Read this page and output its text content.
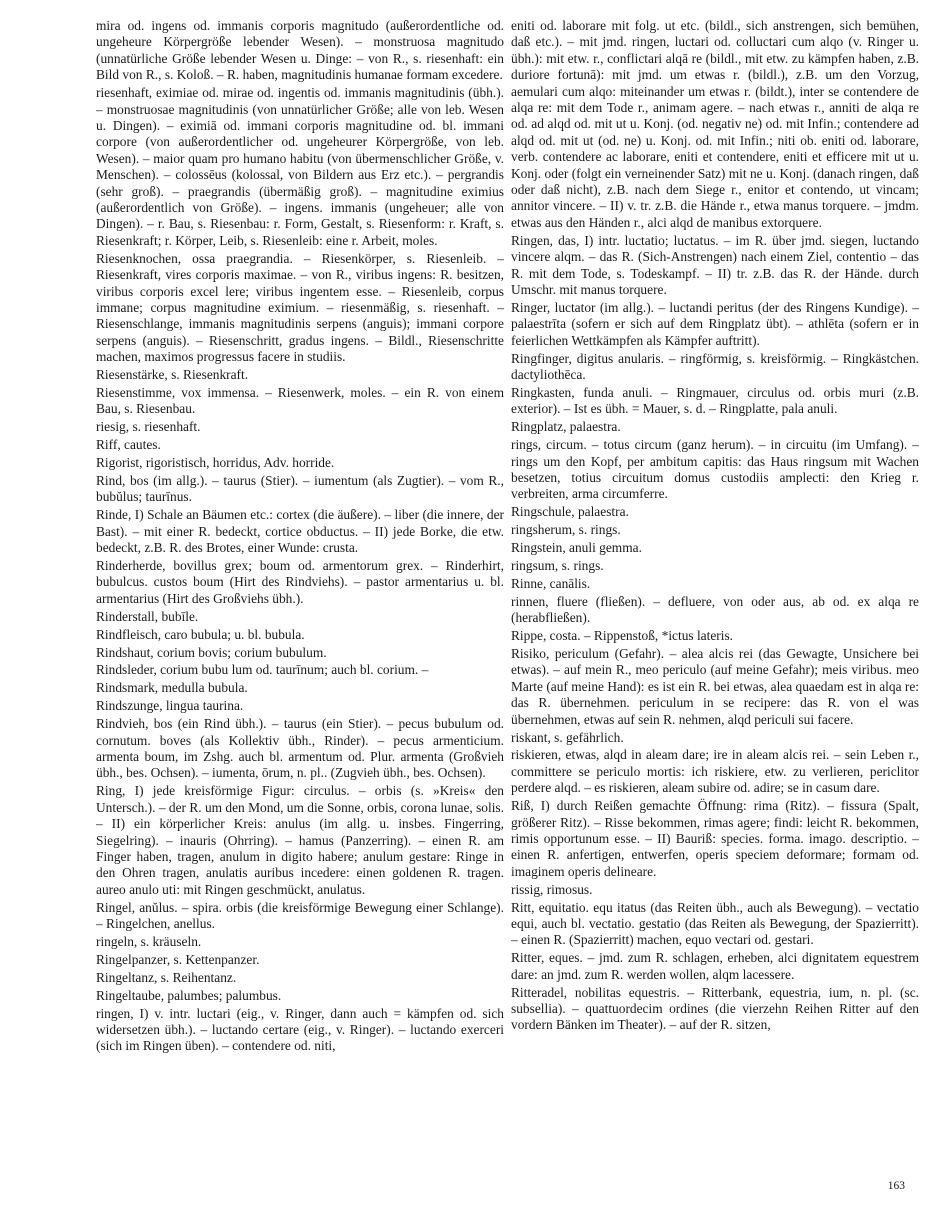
mira od. ingens od. immanis corporis magnitudo (außerordentliche od. ungeheure Körpergröße lebender Wesen). – monstruosa magnitudo (unnatürliche Größe lebender Wesen u. Dinge: – von R., s. riesenhaft: ein Bild von R., s. Koloß. – R. haben, magnitudinis humanae formam excedere.

riesenhaft, eximiae od. mirae od. ingentis od. immanis magnitudinis (übh.). – monstruosae magnitudinis (von unnatürlicher Größe; alle von leb. Wesen u. Dingen). – eximiā od. immani corporis magnitudine od. bl. immani corpore (von außerordentlicher od. ungeheurer Körpergröße, von leb. Wesen). – maior quam pro humano habitu (von übermenschlicher Größe, v. Menschen). – colossēus (kolossal, von Bildern aus Erz etc.). – pergrandis (sehr groß). – praegrandis (übermäßig groß). – magnitudine eximius (außerordentlich von Größe). – ingens. immanis (ungeheuer; alle von Dingen). – r. Bau, s. Riesenbau: r. Form, Gestalt, s. Riesenform: r. Kraft, s. Riesenkraft; r. Körper, Leib, s. Riesenleib: eine r. Arbeit, moles.

Riesenknochen, ossa praegrandia. – Riesenkörper, s. Riesenleib. – Riesenkraft, vires corporis maximae. – von R., viribus ingens: R. besitzen, viribus corporis excel lere; viribus ingentem esse. – Riesenleib, corpus immane; corpus magnitudine eximium. – riesenmäßig, s. riesenhaft. – Riesenschlange, immanis magnitudinis serpens (anguis); immani corpore serpens (anguis). – Riesenschritt, gradus ingens. – Bildl., Riesenschritte machen, maximos progressus facere in studiis.

Riesenstärke, s. Riesenkraft.

Riesenstimme, vox immensa. – Riesenwerk, moles. – ein R. von einem Bau, s. Riesenbau.

riesig, s. riesenhaft.

Riff, cautes.

Rigorist, rigoristisch, horridus, Adv. horride.

Rind, bos (im allg.). – taurus (Stier). – iumentum (als Zugtier). – vom R., bubŭlus; taurīnus.

Rinde, I) Schale an Bäumen etc.: cortex (die äußere). – liber (die innere, der Bast). – mit einer R. bedeckt, cortice obductus. – II) jede Borke, die etw. bedeckt, z.B. R. des Brotes, einer Wunde: crusta.

Rinderherde, bovillus grex; boum od. armentorum grex. – Rinderhirt, bubulcus. custos boum (Hirt des Rindviehs). – pastor armentarius u. bl. armentarius (Hirt des Großviehs übh.).

Rinderstall, bubīle.

Rindfleisch, caro bubula; u. bl. bubula.

Rindshaut, corium bovis; corium bubulum.

Rindsleder, corium bubu lum od. taurīnum; auch bl. corium. –

Rindsmark, medulla bubula.

Rindszunge, lingua taurina.

Rindvieh, bos (ein Rind übh.). – taurus (ein Stier). – pecus bubulum od. cornutum. boves (als Kollektiv übh., Rinder). – pecus armenticium. armenta boum, im Zshg. auch bl. armentum od. Plur. armenta (Großvieh übh., bes. Ochsen). – iumenta, ōrum, n. pl.. (Zugvieh übh., bes. Ochsen).

Ring, I) jede kreisförmige Figur: circulus. – orbis (s. »Kreis« den Untersch.). – der R. um den Mond, um die Sonne, orbis, corona lunae, solis. – II) ein körperlicher Kreis: anulus (im allg. u. insbes. Fingerring, Siegelring). – inauris (Ohrring). – hamus (Panzerring). – einen R. am Finger haben, tragen, anulum in digito habere; anulum gestare: Ringe in den Ohren tragen, anulatis auribus incedere: einen goldenen R. tragen. aureo anulo uti: mit Ringen geschmückt, anulatus.

Ringel, anŭlus. – spira. orbis (die kreisförmige Bewegung einer Schlange). – Ringelchen, anellus.

ringeln, s. kräuseln.

Ringelpanzer, s. Kettenpanzer.

Ringeltanz, s. Reihentanz.

Ringeltaube, palumbes; palumbus.

ringen, I) v. intr. luctari (eig., v. Ringer, dann auch = kämpfen od. sich widersetzen übh.). – luctando certare (eig., v. Ringer). – luctando exerceri (sich im Ringen üben). – contendere od. niti,

eniti od. laborare mit folg. ut etc. (bildl., sich anstrengen, sich bemühen, daß etc.). – mit jmd. ringen, luctari od. colluctari cum alqo (v. Ringer u. übh.): mit etw. r., conflictari alqā re (bildl., mit etw. zu kämpfen haben, z.B. duriore fortunā): mit jmd. um etwas r. (bildl.), z.B. um den Vorzug, aemulari cum alqo: miteinander um etwas r. (bildt.), inter se contendere de alqa re: mit dem Tode r., animam agere. – nach etwas r., anniti de alqa re od. ad alqd od. mit ut u. Konj. (od. negativ ne) od. mit Infin.; contendere ad alqd od. mit ut (od. ne) u. Konj. od. mit Infin.; niti ob. eniti od. laborare, verb. contendere ac laborare, eniti et contendere, eniti et efficere mit ut u. Konj. oder (folgt ein verneinender Satz) mit ne u. Konj. (danach ringen, daß oder daß nicht), z.B. nach dem Siege r., enitor et contendo, ut vincam; annitor vincere. – II) v. tr. z.B. die Hände r., etwa manus torquere. – jmdm. etwas aus den Händen r., alci alqd de manibus extorquere.

Ringen, das, I) intr. luctatio; luctatus. – im R. über jmd. siegen, luctando vincere alqm. – das R. (Sich-Anstrengen) nach einem Ziel, contentio – das R. mit dem Tode, s. Todeskampf. – II) tr. z.B. das R. der Hände. durch Umschr. mit manus torquere.

Ringer, luctator (im allg.). – luctandi peritus (der des Ringens Kundige). – palaestrīta (sofern er sich auf dem Ringplatz übt). – athlēta (sofern er in feierlichen Wettkämpfen als Kämpfer auftritt).

Ringfinger, digitus anularis. – ringförmig, s. kreisförmig. – Ringkästchen. dactyliothēca.

Ringkasten, funda anuli. – Ringmauer, circulus od. orbis muri (z.B. exterior). – Ist es übh. = Mauer, s. d. – Ringplatte, pala anuli.

Ringplatz, palaestra.

rings, circum. – totus circum (ganz herum). – in circuitu (im Umfang). – rings um den Kopf, per ambitum capitis: das Haus ringsum mit Wachen besetzen, totius circuitum domus custodiis amplecti: den Krieg r. verbreiten, arma circumferre.

Ringschule, palaestra.

ringsherum, s. rings.

Ringstein, anuli gemma.

ringsum, s. rings.

Rinne, canālis.

rinnen, fluere (fließen). – defluere, von oder aus, ab od. ex alqa re (herabfließen).

Rippe, costa. – Rippenstoß, *ictus lateris.

Risiko, periculum (Gefahr). – alea alcis rei (das Gewagte, Unsichere bei etwas). – auf mein R., meo periculo (auf meine Gefahr); meis viribus. meo Marte (auf meine Hand): es ist ein R. bei etwas, alea quaedam est in alqa re: das R. übernehmen. periculum in se recipere: das R. von el was übernehmen, etwas auf sein R. nehmen, alqd periculi sui facere.

riskant, s. gefährlich.

riskieren, etwas, alqd in aleam dare; ire in aleam alcis rei. – sein Leben r., committere se periculo mortis: ich riskiere, etw. zu verlieren, periclitor perdere alqd. – es riskieren, aleam subire od. adire; se in casum dare.

Riß, I) durch Reißen gemachte Öffnung: rima (Ritz). – fissura (Spalt, größerer Ritz). – Risse bekommen, rimas agere; findi: leicht R. bekommen, rimis opportunum esse. – II) Bauriß: species. forma. imago. descriptio. – einen R. anfertigen, entwerfen, operis speciem deformare; formam od. imaginem operis delineare.

rissig, rimosus.

Ritt, equitatio. equ itatus (das Reiten übh., auch als Bewegung). – vectatio equi, auch bl. vectatio. gestatio (das Reiten als Bewegung, der Spazierritt). – einen R. (Spazierritt) machen, equo vectari od. gestari.

Ritter, eques. – jmd. zum R. schlagen, erheben, alci dignitatem equestrem dare: an jmd. zum R. werden wollen, alqm lacessere.

Ritteradel, nobilitas equestris. – Ritterbank, equestria, ium, n. pl. (sc. subsellia). – quattuordecim ordines (die vierzehn Reihen Ritter auf den vordern Bänken im Theater). – auf der R. sitzen,

163
